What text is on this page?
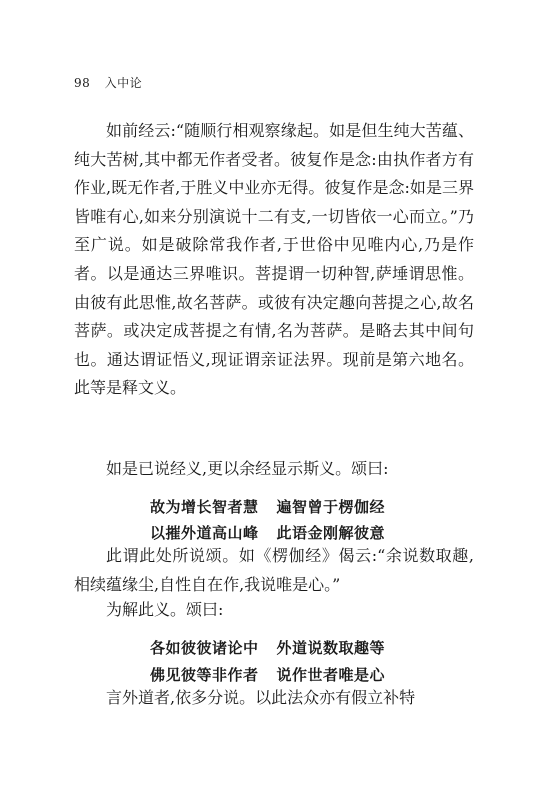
98 入中论
如前经云:“随顺行相观察缘起。如是但生纯大苦蕴、纯大苦树,其中都无作者受者。彼复作是念:由执作者方有作业,既无作者,于胜义中业亦无得。彼复作是念:如是三界皆唯有心,如来分别演说十二有支,一切皆依一心而立。”乃至广说。如是破除常我作者,于世俗中见唯内心,乃是作者。以是通达三界唯识。菩提谓一切种智,萨埵谓思惟。由彼有此思惟,故名菩萨。或彼有决定趣向菩提之心,故名菩萨。或决定成菩提之有情,名为菩萨。是略去其中间句也。通达谓证悟义,现证谓亲证法界。现前是第六地名。此等是释文义。
如是已说经义,更以余经显示斯义。颂曰:
故为增长智者慧 遍智曾于楞伽经
以摧外道高山峰 此语金刚解彼意
此谓此处所说颂。如《楞伽经》偈云:“余说数取趣,相续蕴缘尘,自性自在作,我说唯是心。”
为解此义。颂曰:
各如彼彼诸论中 外道说数取趣等
佛见彼等非作者 说作世者唯是心
言外道者,依多分说。以此法众亦有假立补特
